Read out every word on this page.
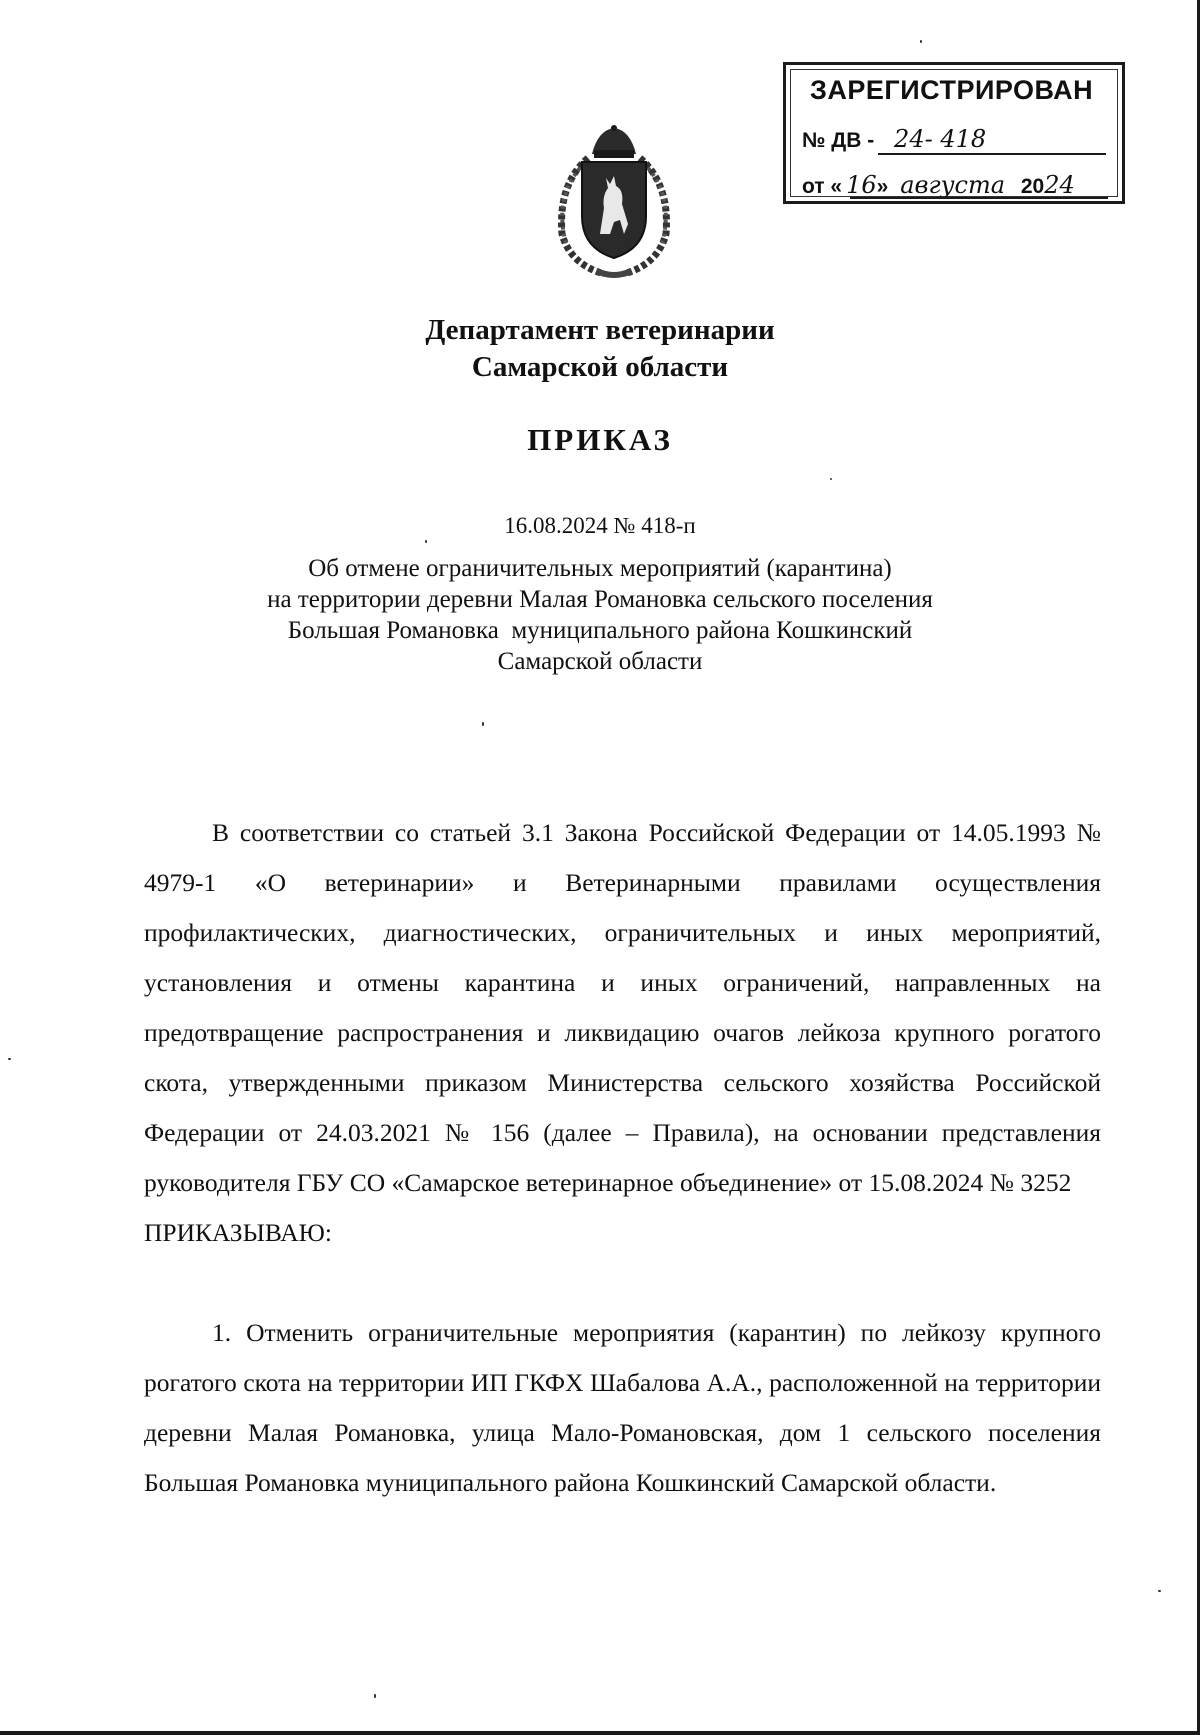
ЗАРЕГИСТРИРОВАН
№ ДВ - 24- 418
от « 16» августа 2024
Департамент ветеринарии
Самарской области
ПРИКАЗ
16.08.2024 № 418-п
Об отмене ограничительных мероприятий (карантина)
на территории деревни Малая Романовка сельского поселения
Большая Романовка  муниципального района Кошкинский
Самарской области
В соответствии со статьей 3.1 Закона Российской Федерации от 14.05.1993 № 4979-1 «О ветеринарии» и Ветеринарными правилами осуществления профилактических, диагностических, ограничительных и иных мероприятий, установления и отмены карантина и иных ограничений, направленных на предотвращение распространения и ликвидацию очагов лейкоза крупного рогатого скота, утвержденными приказом Министерства сельского хозяйства Российской Федерации от 24.03.2021 № 156 (далее – Правила), на основании представления руководителя ГБУ СО «Самарское ветеринарное объединение» от 15.08.2024 № 3252
ПРИКАЗЫВАЮ:
1. Отменить ограничительные мероприятия (карантин) по лейкозу крупного рогатого скота на территории ИП ГКФХ Шабалова А.А., расположенной на территории деревни Малая Романовка, улица Мало-Романовская, дом 1 сельского поселения Большая Романовка муниципального района Кошкинский Самарской области.
